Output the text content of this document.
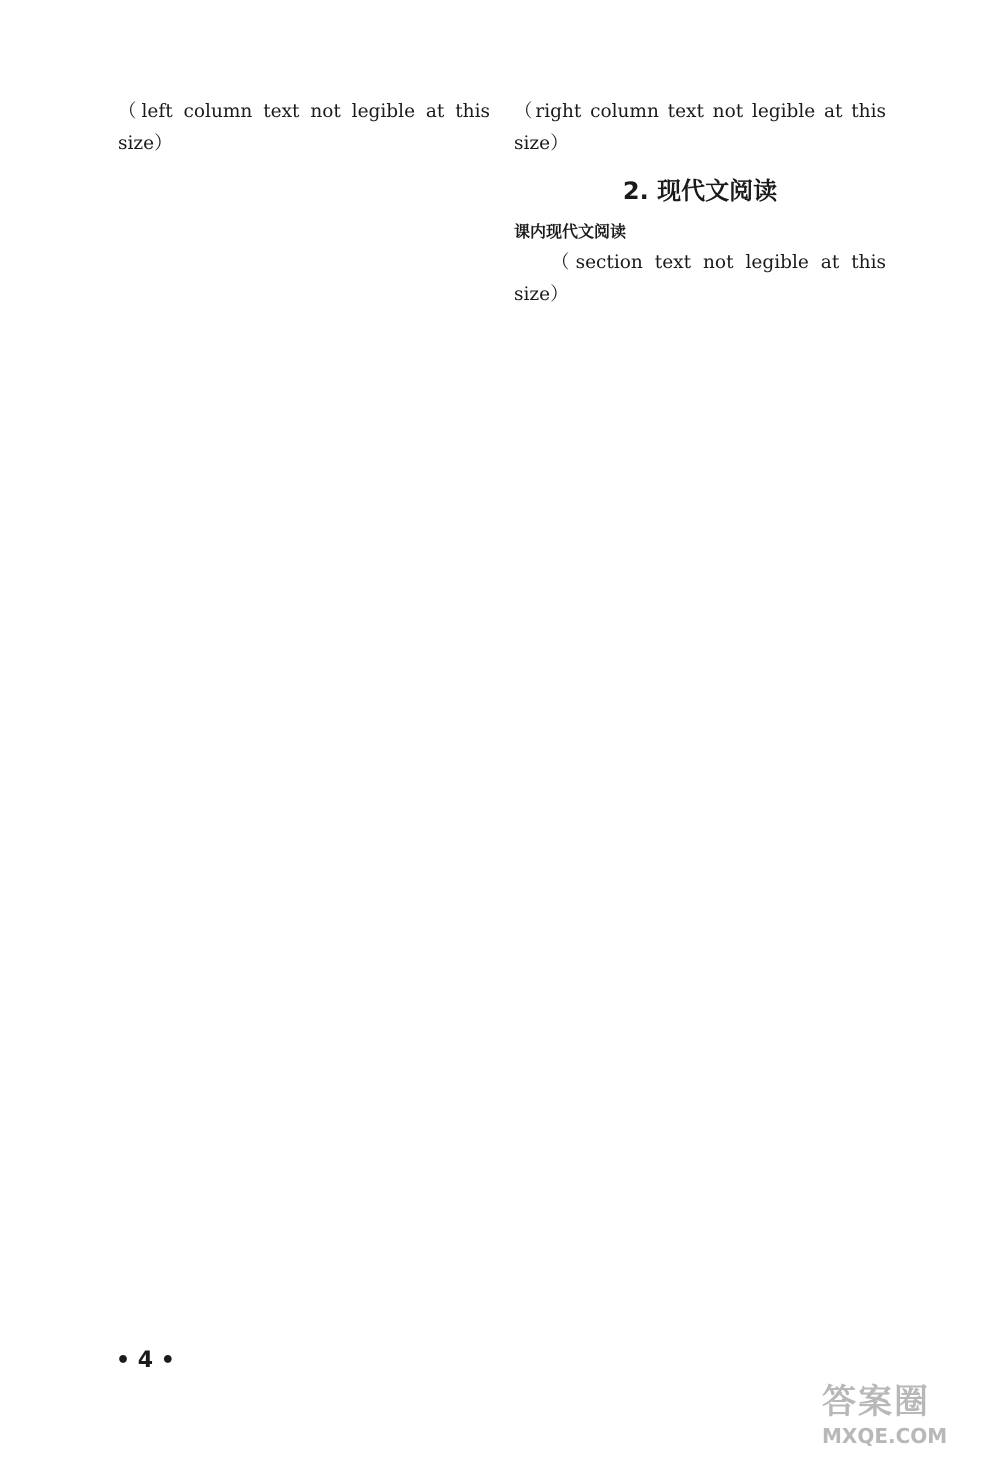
（left column text not legible at this size）

（right column text not legible at this size）

2. 现代文阅读
课内现代文阅读

（section text not legible at this size）

• 4 •
答案圈
MXQE.COM
